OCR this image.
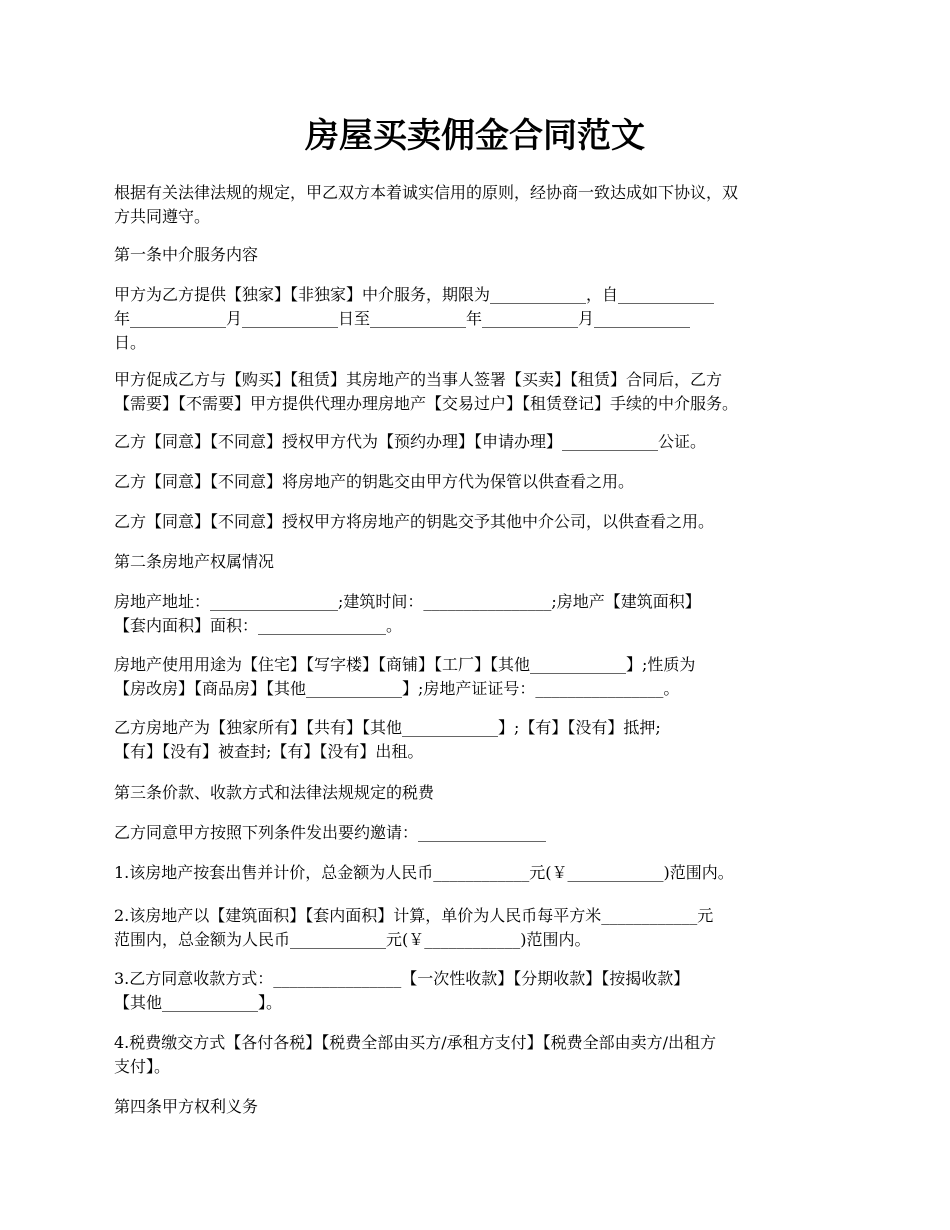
房屋买卖佣金合同范文

根据有关法律法规的规定，甲乙双方本着诚实信用的原则，经协商一致达成如下协议，双
方共同遵守。

第一条中介服务内容

甲方为乙方提供【独家】【非独家】中介服务，期限为____________，自____________
年____________月____________日至____________年____________月____________
日。

甲方促成乙方与【购买】【租赁】其房地产的当事人签署【买卖】【租赁】合同后，乙方
【需要】【不需要】甲方提供代理办理房地产【交易过户】【租赁登记】手续的中介服务。

乙方【同意】【不同意】授权甲方代为【预约办理】【申请办理】____________公证。

乙方【同意】【不同意】将房地产的钥匙交由甲方代为保管以供查看之用。

乙方【同意】【不同意】授权甲方将房地产的钥匙交予其他中介公司，以供查看之用。

第二条房地产权属情况

房地产地址：________________;建筑时间：________________;房地产【建筑面积】
【套内面积】面积：________________。

房地产使用用途为【住宅】【写字楼】【商铺】【工厂】【其他____________】;性质为
【房改房】【商品房】【其他____________】;房地产证证号：________________。

乙方房地产为【独家所有】【共有】【其他____________】;【有】【没有】抵押;
【有】【没有】被查封;【有】【没有】出租。

第三条价款、收款方式和法律法规规定的税费

乙方同意甲方按照下列条件发出要约邀请：________________

1.该房地产按套出售并计价，总金额为人民币____________元(￥____________)范围内。

2.该房地产以【建筑面积】【套内面积】计算，单价为人民币每平方米____________元
范围内，总金额为人民币____________元(￥____________)范围内。

3.乙方同意收款方式：________________【一次性收款】【分期收款】【按揭收款】
【其他____________】。

4.税费缴交方式【各付各税】【税费全部由买方/承租方支付】【税费全部由卖方/出租方
支付】。

第四条甲方权利义务
